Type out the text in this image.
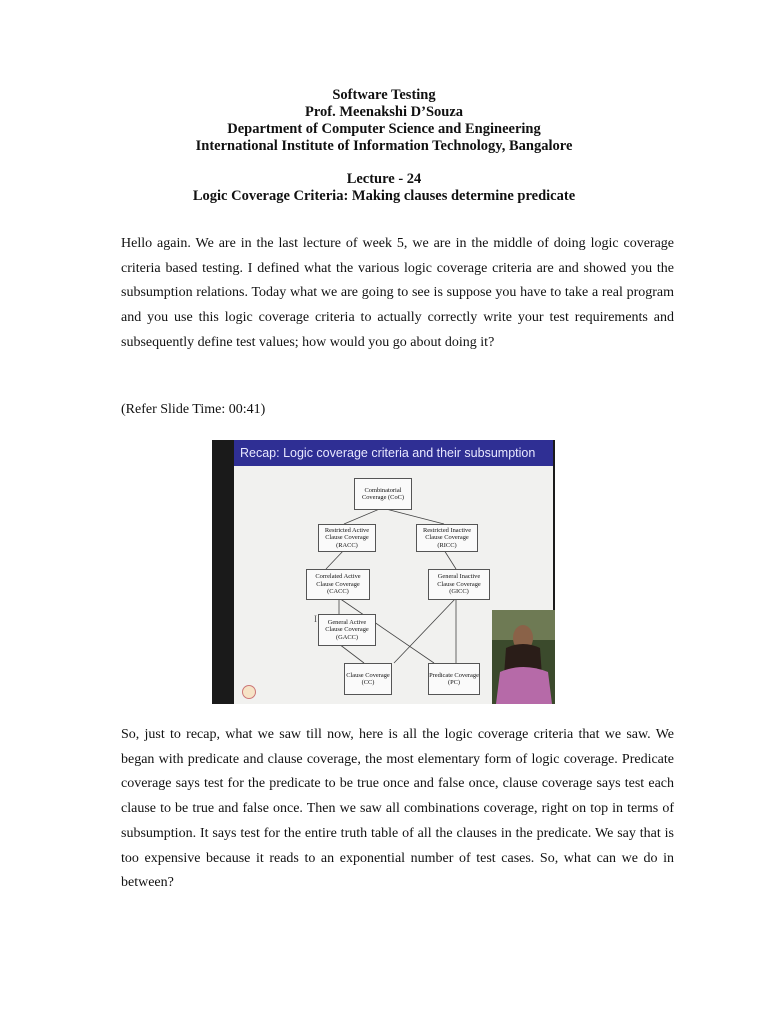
Software Testing
Prof. Meenakshi D’Souza
Department of Computer Science and Engineering
International Institute of Information Technology, Bangalore
Lecture - 24
Logic Coverage Criteria: Making clauses determine predicate
Hello again. We are in the last lecture of week 5, we are in the middle of doing logic coverage criteria based testing. I defined what the various logic coverage criteria are and showed you the subsumption relations. Today what we are going to see is suppose you have to take a real program and you use this logic coverage criteria to actually correctly write your test requirements and subsequently define test values; how would you go about doing it?
(Refer Slide Time: 00:41)
Recap: Logic coverage criteria and their subsumption
Combinatorial Coverage (CoC)
Restricted Active Clause Coverage (RACC)
Restricted Inactive Clause Coverage (RICC)
Correlated Active Clause Coverage (CACC)
General Inactive Clause Coverage (GICC)
General Active Clause Coverage (GACC)
Clause Coverage (CC)
Predicate Coverage (PC)
I
So, just to recap, what we saw till now, here is all the logic coverage criteria that we saw. We began with predicate and clause coverage, the most elementary form of logic coverage. Predicate coverage says test for the predicate to be true once and false once, clause coverage says test each clause to be true and false once. Then we saw all combinations coverage, right on top in terms of subsumption. It says test for the entire truth table of all the clauses in the predicate. We say that is too expensive because it reads to an exponential number of test cases. So, what can we do in between?
